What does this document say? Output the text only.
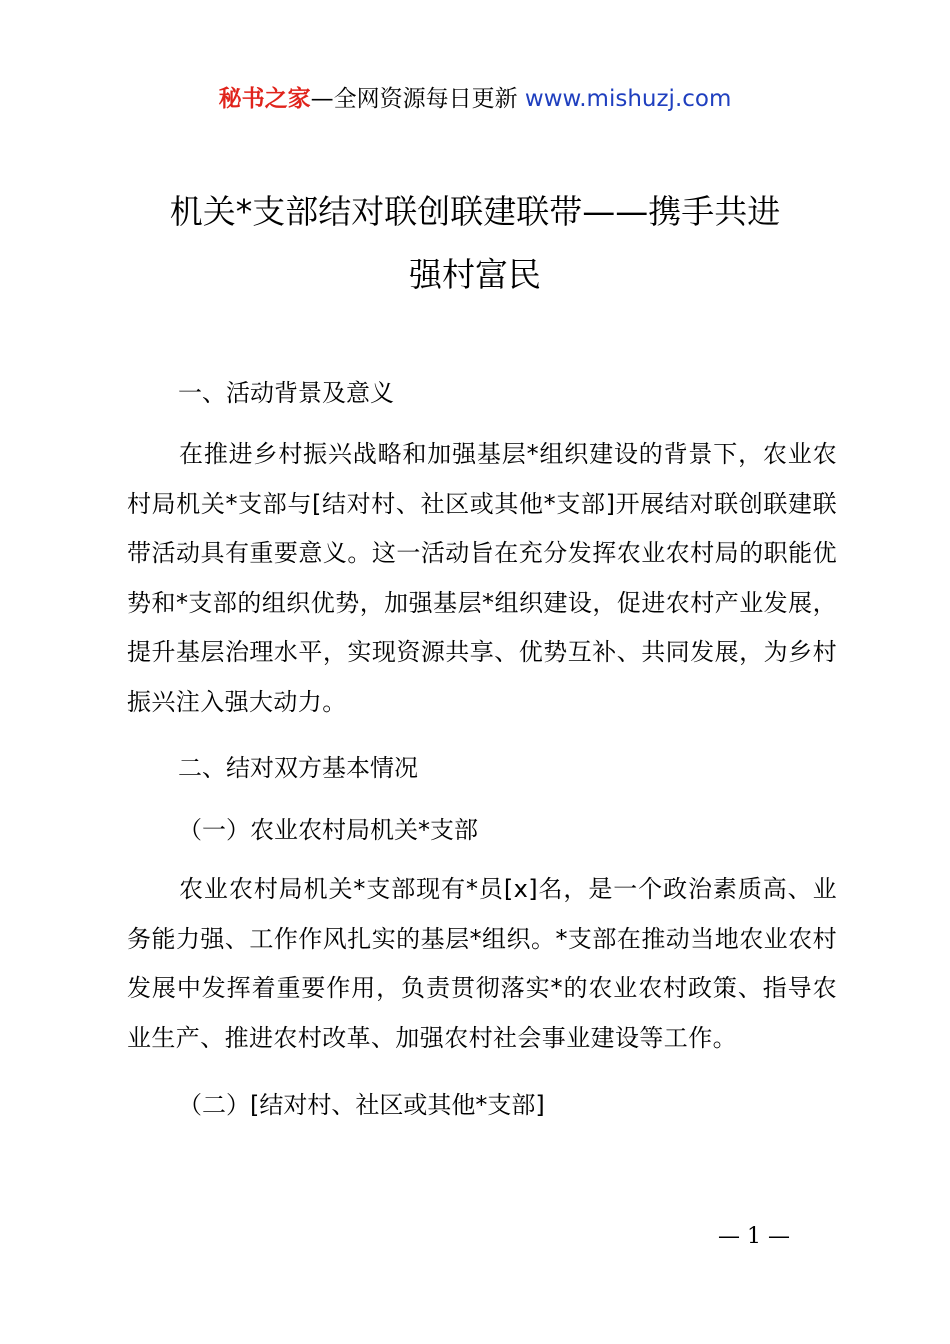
秘书之家—全网资源每日更新 www.mishuzj.com
机关*支部结对联创联建联带——携手共进
强村富民
一、活动背景及意义

在推进乡村振兴战略和加强基层*组织建设的背景下，农业农村局机关*支部与[结对村、社区或其他*支部]开展结对联创联建联带活动具有重要意义。这一活动旨在充分发挥农业农村局的职能优势和*支部的组织优势，加强基层*组织建设，促进农村产业发展，提升基层治理水平，实现资源共享、优势互补、共同发展，为乡村振兴注入强大动力。

二、结对双方基本情况
（一）农业农村局机关*支部

农业农村局机关*支部现有*员[x]名，是一个政治素质高、业务能力强、工作作风扎实的基层*组织。*支部在推动当地农业农村发展中发挥着重要作用，负责贯彻落实*的农业农村政策、指导农业生产、推进农村改革、加强农村社会事业建设等工作。

（二）[结对村、社区或其他*支部]
— 1 —
